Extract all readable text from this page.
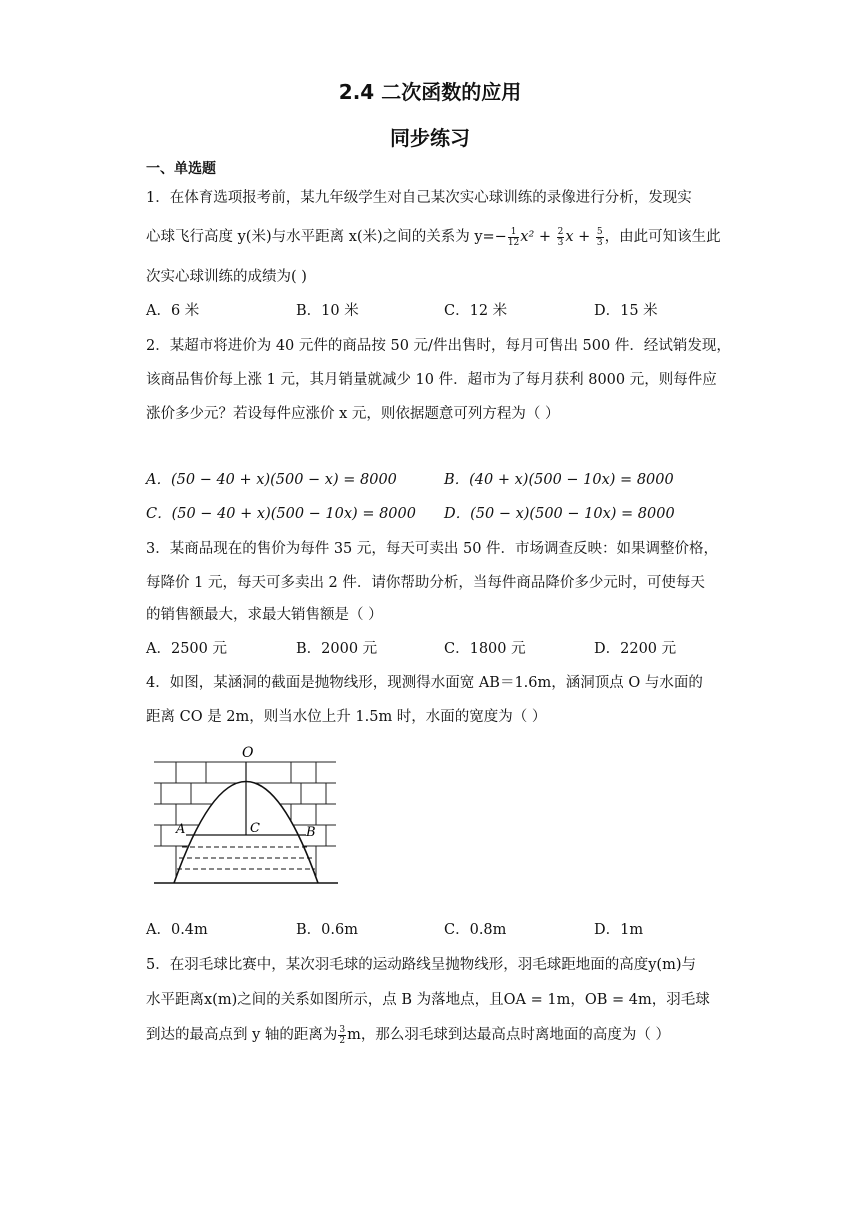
2.4 二次函数的应用
同步练习
一、单选题
1．在体育选项报考前，某九年级学生对自己某次实心球训练的录像进行分析，发现实
心球飞行高度 y(米)与水平距离 x(米)之间的关系为 $y=- \frac{1}{12} x^2 + \frac{2}{3}$ $x + \frac{5}{3}$ ，由此可知该生此
次实心球训练的成绩为( )
A．6 米	B．10 米	C．12 米	D．15 米
2．某超市将进价为 40 元件的商品按 50 元/件出售时，每月可售出 500 件．经试销发现，
该商品售价每上涨 1 元，其月销量就减少 10 件．超市为了每月获利 8000 元，则每件应
涨价多少元？若设每件应涨价 x 元，则依据题意可列方程为（ ）
A．(50 − 40 + x)(500 − x) = 8000	B．(40 + x)(500 − 10x) = 8000
C．(50 − 40 + x)(500 − 10x) = 8000 D．(50 − x)(500 − 10x) = 8000
3．某商品现在的售价为每件 35 元，每天可卖出 50 件．市场调查反映：如果调整价格，
每降价 1 元，每天可多卖出 2 件．请你帮助分析，当每件商品降价多少元时，可使每天
的销售额最大，求最大销售额是（ ）
A．2500 元	B．2000 元	C．1800 元	D．2200 元
4．如图，某涵洞的截面是抛物线形，现测得水面宽 AB＝1.6m，涵洞顶点 O 与水面的
距离 CO 是 2m，则当水位上升 1.5m 时，水面的宽度为（ ）
O
A	B
C
A．0.4m	B．0.6m	C．0.8m	D．1m
5．在羽毛球比赛中，某次羽毛球的运动路线呈抛物线形，羽毛球距地面的高度y(m)与
水平距离x(m)之间的关系如图所示，点 B 为落地点，且OA = 1m，OB = 4m，羽毛球
到达的最高点到 y 轴的距离为 $\frac{3}{2}$ m，那么羽毛球到达最高点时离地面的高度为（ ）
